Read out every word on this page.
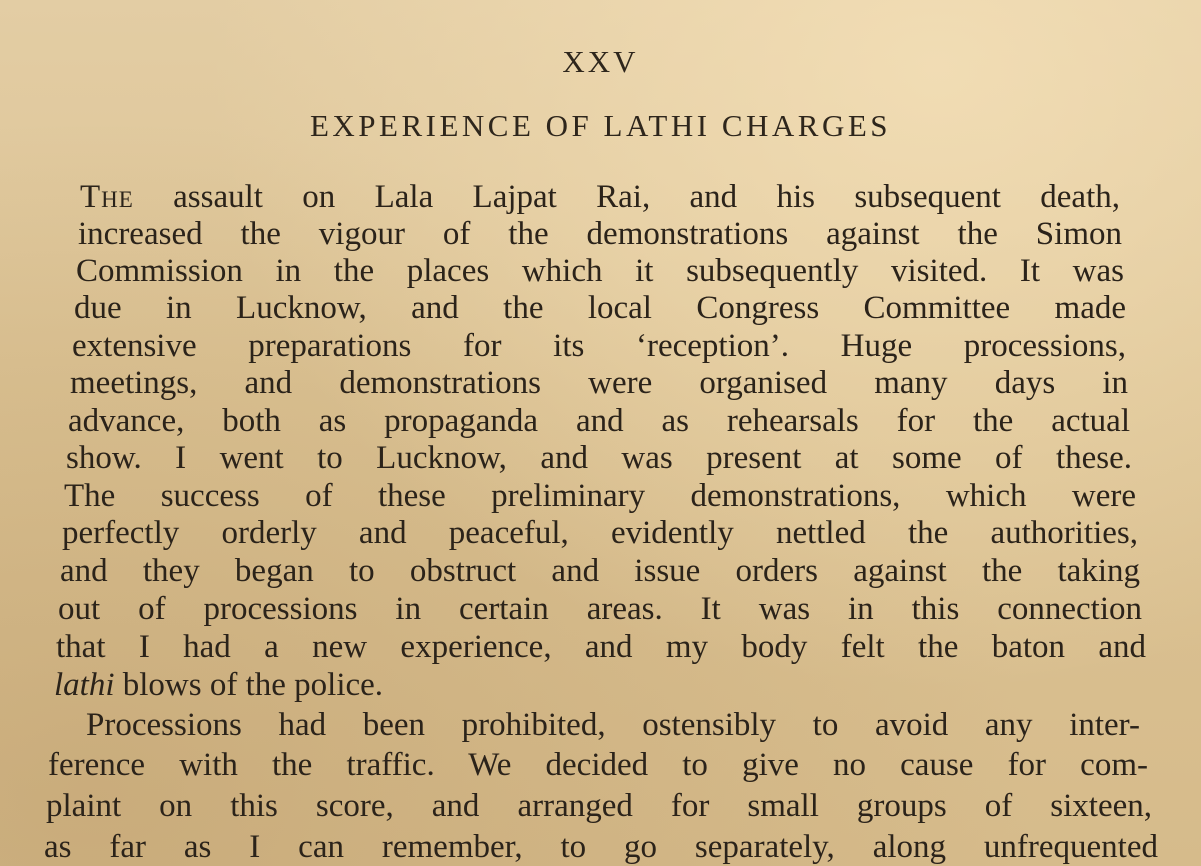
XXV
EXPERIENCE OF LATHI CHARGES
The assault on Lala Lajpat Rai, and his subsequent death,
increased the vigour of the demonstrations against the Simon
Commission in the places which it subsequently visited. It was
due in Lucknow, and the local Congress Committee made
extensive preparations for its ‘reception’. Huge processions,
meetings, and demonstrations were organised many days in
advance, both as propaganda and as rehearsals for the actual
show. I went to Lucknow, and was present at some of these.
The success of these preliminary demonstrations, which were
perfectly orderly and peaceful, evidently nettled the authorities,
and they began to obstruct and issue orders against the taking
out of processions in certain areas. It was in this connection
that I had a new experience, and my body felt the baton and
lathi blows of the police.
Processions had been prohibited, ostensibly to avoid any inter-
ference with the traffic. We decided to give no cause for com-
plaint on this score, and arranged for small groups of sixteen,
as far as I can remember, to go separately, along unfrequented
